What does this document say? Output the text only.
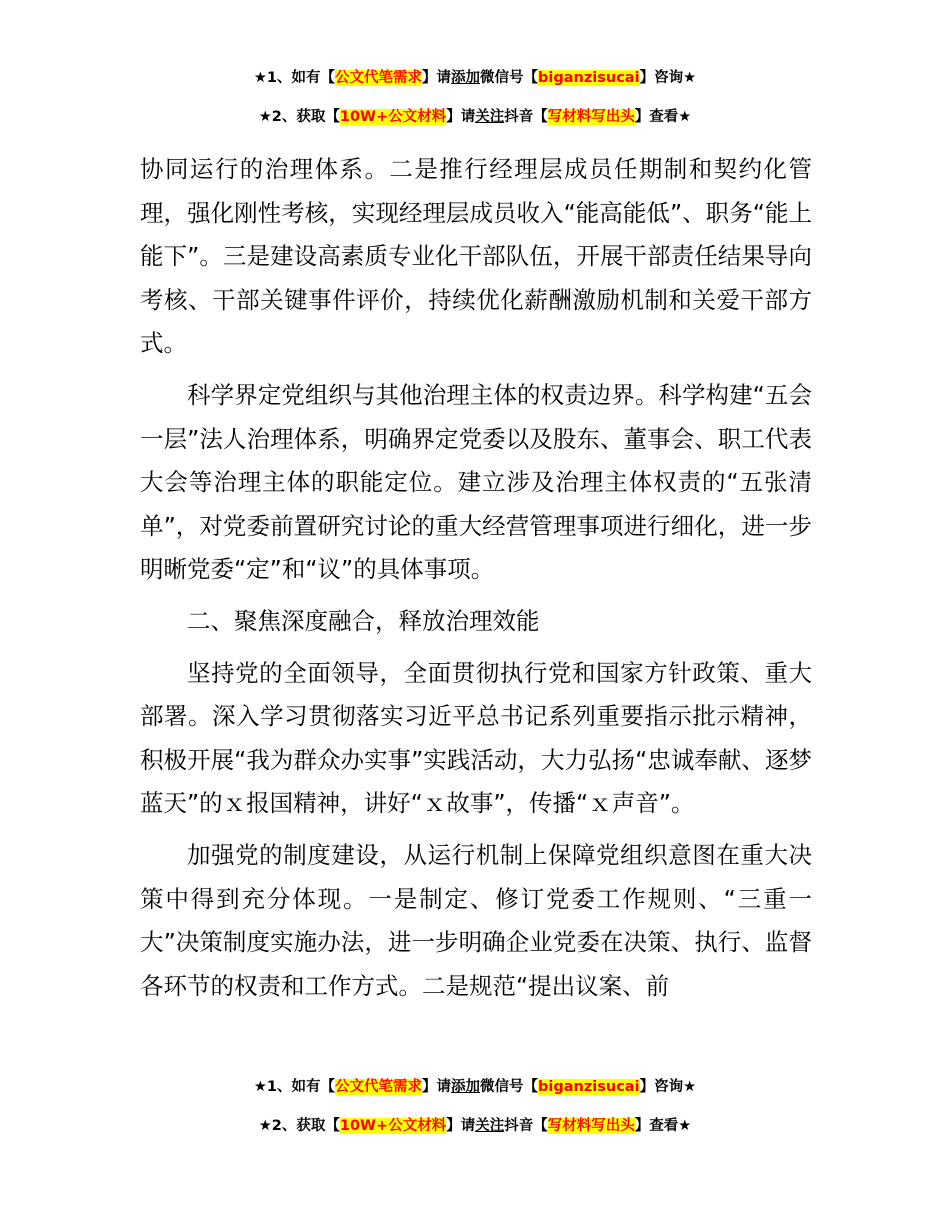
★1、如有【公文代笔需求】请添加微信号【biganzisucai】咨询★
★2、获取【10W+公文材料】请关注抖音【写材料写出头】查看★

协同运行的治理体系。二是推行经理层成员任期制和契约化管理，强化刚性考核，实现经理层成员收入“能高能低”、职务“能上能下”。三是建设高素质专业化干部队伍，开展干部责任结果导向考核、干部关键事件评价，持续优化薪酬激励机制和关爱干部方式。

科学界定党组织与其他治理主体的权责边界。科学构建“五会一层”法人治理体系，明确界定党委以及股东、董事会、职工代表大会等治理主体的职能定位。建立涉及治理主体权责的“五张清单”，对党委前置研究讨论的重大经营管理事项进行细化，进一步明晰党委“定”和“议”的具体事项。

二、聚焦深度融合，释放治理效能

坚持党的全面领导，全面贯彻执行党和国家方针政策、重大部署。深入学习贯彻落实习近平总书记系列重要指示批示精神，积极开展“我为群众办实事”实践活动，大力弘扬“忠诚奉献、逐梦蓝天”的ｘ报国精神，讲好“ｘ故事”，传播“ｘ声音”。

加强党的制度建设，从运行机制上保障党组织意图在重大决策中得到充分体现。一是制定、修订党委工作规则、“三重一大”决策制度实施办法，进一步明确企业党委在决策、执行、监督各环节的权责和工作方式。二是规范“提出议案、前

★1、如有【公文代笔需求】请添加微信号【biganzisucai】咨询★
★2、获取【10W+公文材料】请关注抖音【写材料写出头】查看★
